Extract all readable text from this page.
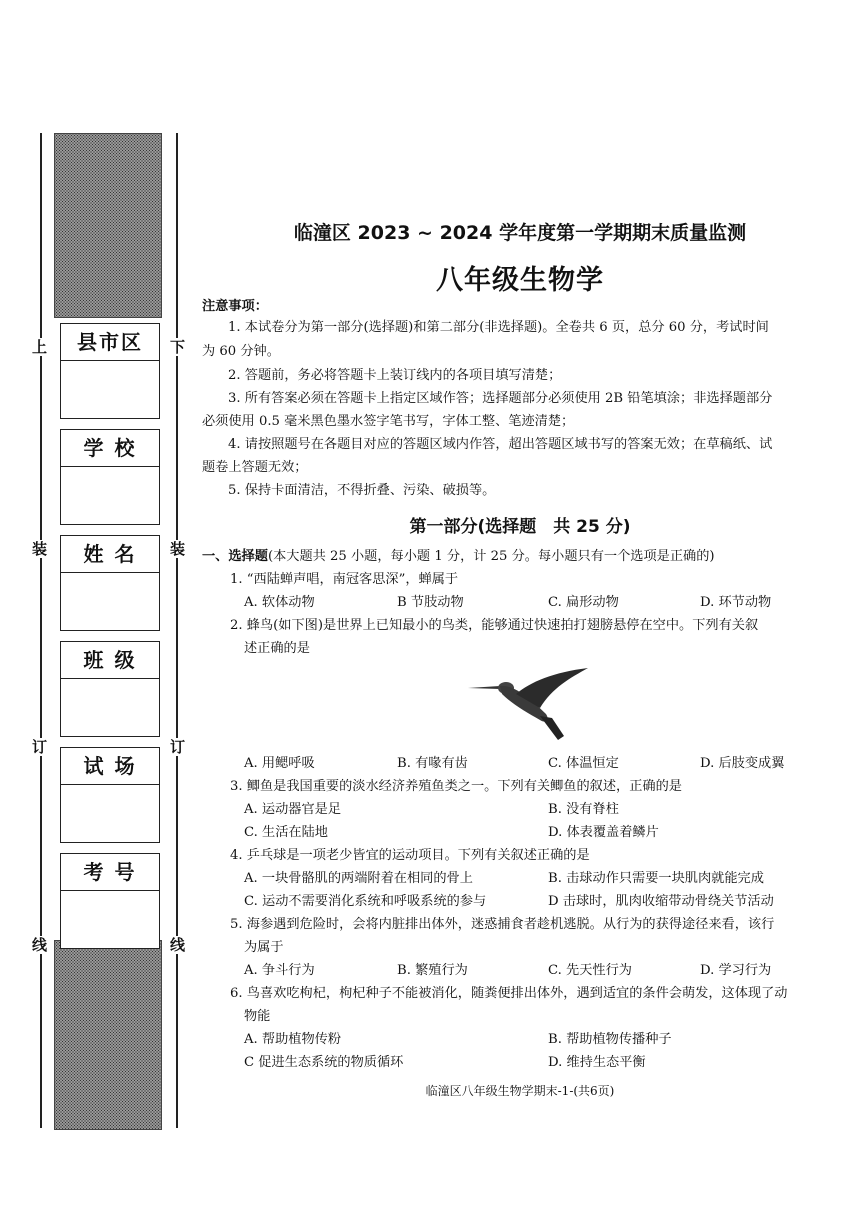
上	下
装	装
订	订
线	线
县市区
学 校
姓 名
班 级
试 场
考 号
临潼区 2023 ~ 2024 学年度第一学期期末质量监测
八年级生物学
注意事项：
1. 本试卷分为第一部分(选择题)和第二部分(非选择题)。全卷共 6 页，总分 60 分，考试时间
为 60 分钟。
2. 答题前，务必将答题卡上装订线内的各项目填写清楚；
3. 所有答案必须在答题卡上指定区域作答；选择题部分必须使用 2B 铅笔填涂；非选择题部分
必须使用 0.5 毫米黑色墨水签字笔书写，字体工整、笔迹清楚；
4. 请按照题号在各题目对应的答题区域内作答，超出答题区域书写的答案无效；在草稿纸、试
题卷上答题无效；
5. 保持卡面清洁，不得折叠、污染、破损等。
第一部分(选择题　共 25 分)
一、选择题(本大题共 25 小题，每小题 1 分，计 25 分。每小题只有一个选项是正确的)
1. “西陆蝉声唱，南冠客思深”，蝉属于
A. 软体动物	B 节肢动物	C. 扁形动物	D. 环节动物
2. 蜂鸟(如下图)是世界上已知最小的鸟类，能够通过快速拍打翅膀悬停在空中。下列有关叙
述正确的是
A. 用鳃呼吸	B. 有喙有齿	C. 体温恒定	D. 后肢变成翼
3. 鲫鱼是我国重要的淡水经济养殖鱼类之一。下列有关鲫鱼的叙述，正确的是
A. 运动器官是足	B. 没有脊柱
C. 生活在陆地	D. 体表覆盖着鳞片
4. 乒乓球是一项老少皆宜的运动项目。下列有关叙述正确的是
A. 一块骨骼肌的两端附着在相同的骨上	B. 击球动作只需要一块肌肉就能完成
C. 运动不需要消化系统和呼吸系统的参与	D 击球时，肌肉收缩带动骨绕关节活动
5. 海参遇到危险时，会将内脏排出体外，迷惑捕食者趁机逃脱。从行为的获得途径来看，该行
为属于
A. 争斗行为	B. 繁殖行为	C. 先天性行为	D. 学习行为
6. 鸟喜欢吃枸杞，枸杞种子不能被消化，随粪便排出体外，遇到适宜的条件会萌发，这体现了动
物能
A. 帮助植物传粉	B. 帮助植物传播种子
C 促进生态系统的物质循环	D. 维持生态平衡
临潼区八年级生物学期末-1-(共6页)
